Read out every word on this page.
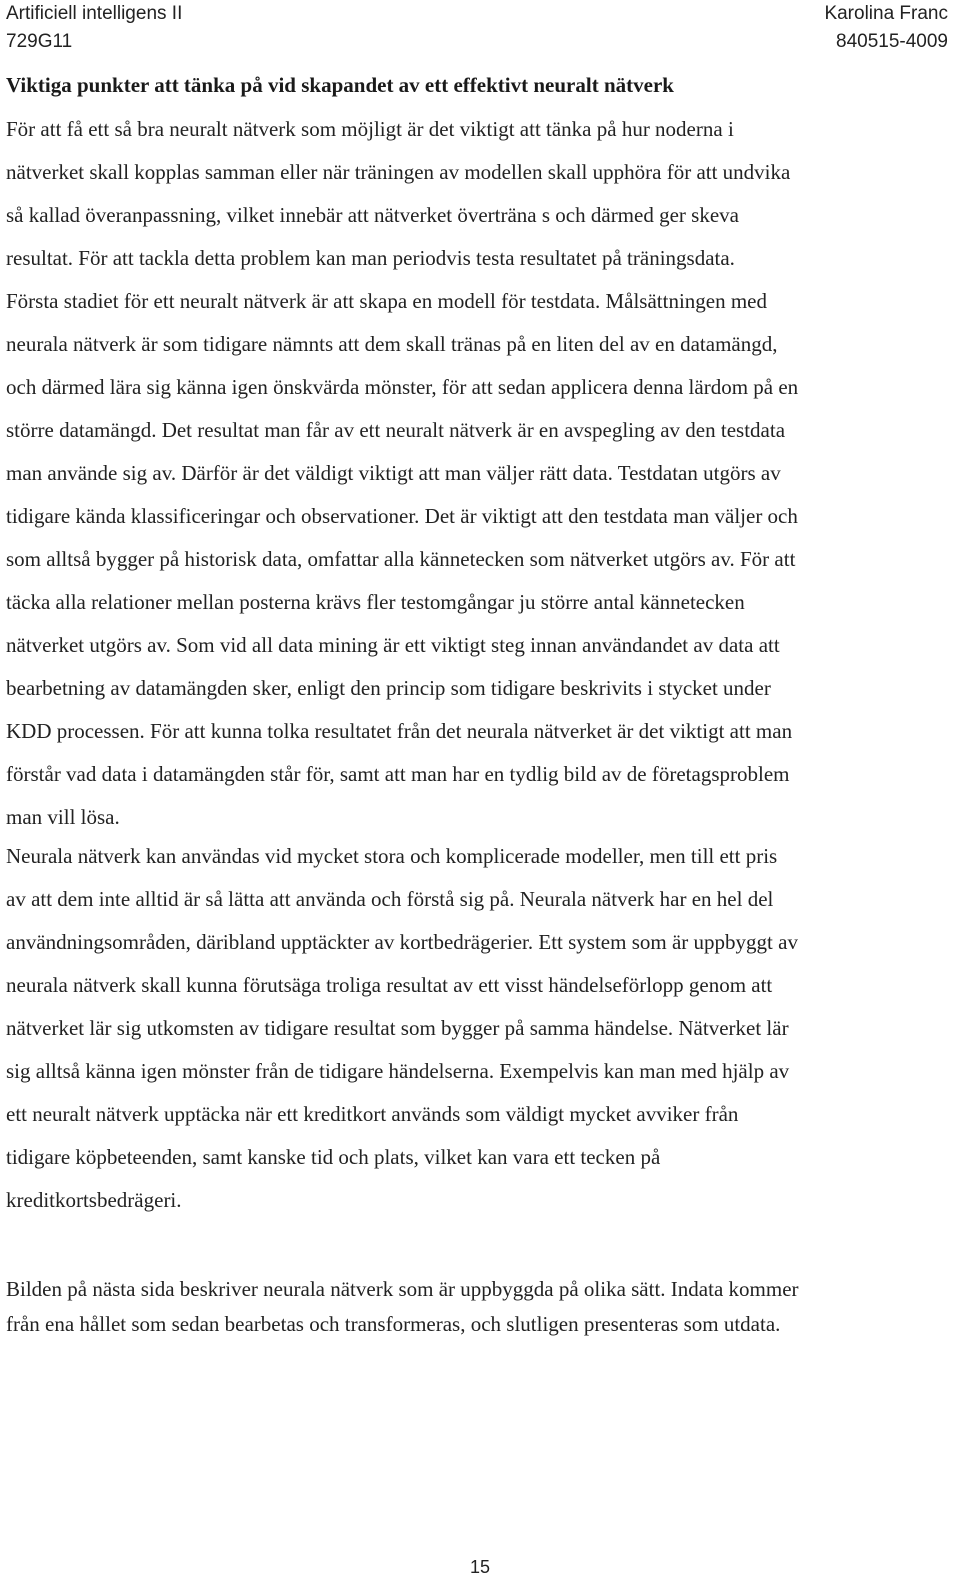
Artificiell intelligens II
729G11
Karolina Franc
840515-4009
Viktiga punkter att tänka på vid skapandet av ett effektivt neuralt nätverk
För att få ett så bra neuralt nätverk som möjligt är det viktigt att tänka på hur noderna i
nätverket skall kopplas samman eller när träningen av modellen skall upphöra för att undvika
så kallad överanpassning, vilket innebär att nätverket överträna s och därmed ger skeva
resultat. För att tackla detta problem kan man periodvis testa resultatet på träningsdata.
Första stadiet för ett neuralt nätverk är att skapa en modell för testdata. Målsättningen med
neurala nätverk är som tidigare nämnts att dem skall tränas på en liten del av en datamängd,
och därmed lära sig känna igen önskvärda mönster, för att sedan applicera denna lärdom på en
större datamängd. Det resultat man får av ett neuralt nätverk är en avspegling av den testdata
man använde sig av. Därför är det väldigt viktigt att man väljer rätt data. Testdatan utgörs av
tidigare kända klassificeringar och observationer. Det är viktigt att den testdata man väljer och
som alltså bygger på historisk data, omfattar alla kännetecken som nätverket utgörs av. För att
täcka alla relationer mellan posterna krävs fler testomgångar ju större antal kännetecken
nätverket utgörs av. Som vid all data mining är ett viktigt steg innan användandet av data att
bearbetning av datamängden sker, enligt den princip som tidigare beskrivits i stycket under
KDD processen. För att kunna tolka resultatet från det neurala nätverket är det viktigt att man
förstår vad data i datamängden står för, samt att man har en tydlig bild av de företagsproblem
man vill lösa.
Neurala nätverk kan användas vid mycket stora och komplicerade modeller, men till ett pris
av att dem inte alltid är så lätta att använda och förstå sig på. Neurala nätverk har en hel del
användningsområden, däribland upptäckter av kortbedrägerier. Ett system som är uppbyggt av
neurala nätverk skall kunna förutsäga troliga resultat av ett visst händelseförlopp genom att
nätverket lär sig utkomsten av tidigare resultat som bygger på samma händelse. Nätverket lär
sig alltså känna igen mönster från de tidigare händelserna. Exempelvis kan man med hjälp av
ett neuralt nätverk upptäcka när ett kreditkort används som väldigt mycket avviker från
tidigare köpbeteenden, samt kanske tid och plats, vilket kan vara ett tecken på
kreditkortsbedrägeri.
Bilden på nästa sida beskriver neurala nätverk som är uppbyggda på olika sätt. Indata kommer
från ena hållet som sedan bearbetas och transformeras, och slutligen presenteras som utdata.
15
